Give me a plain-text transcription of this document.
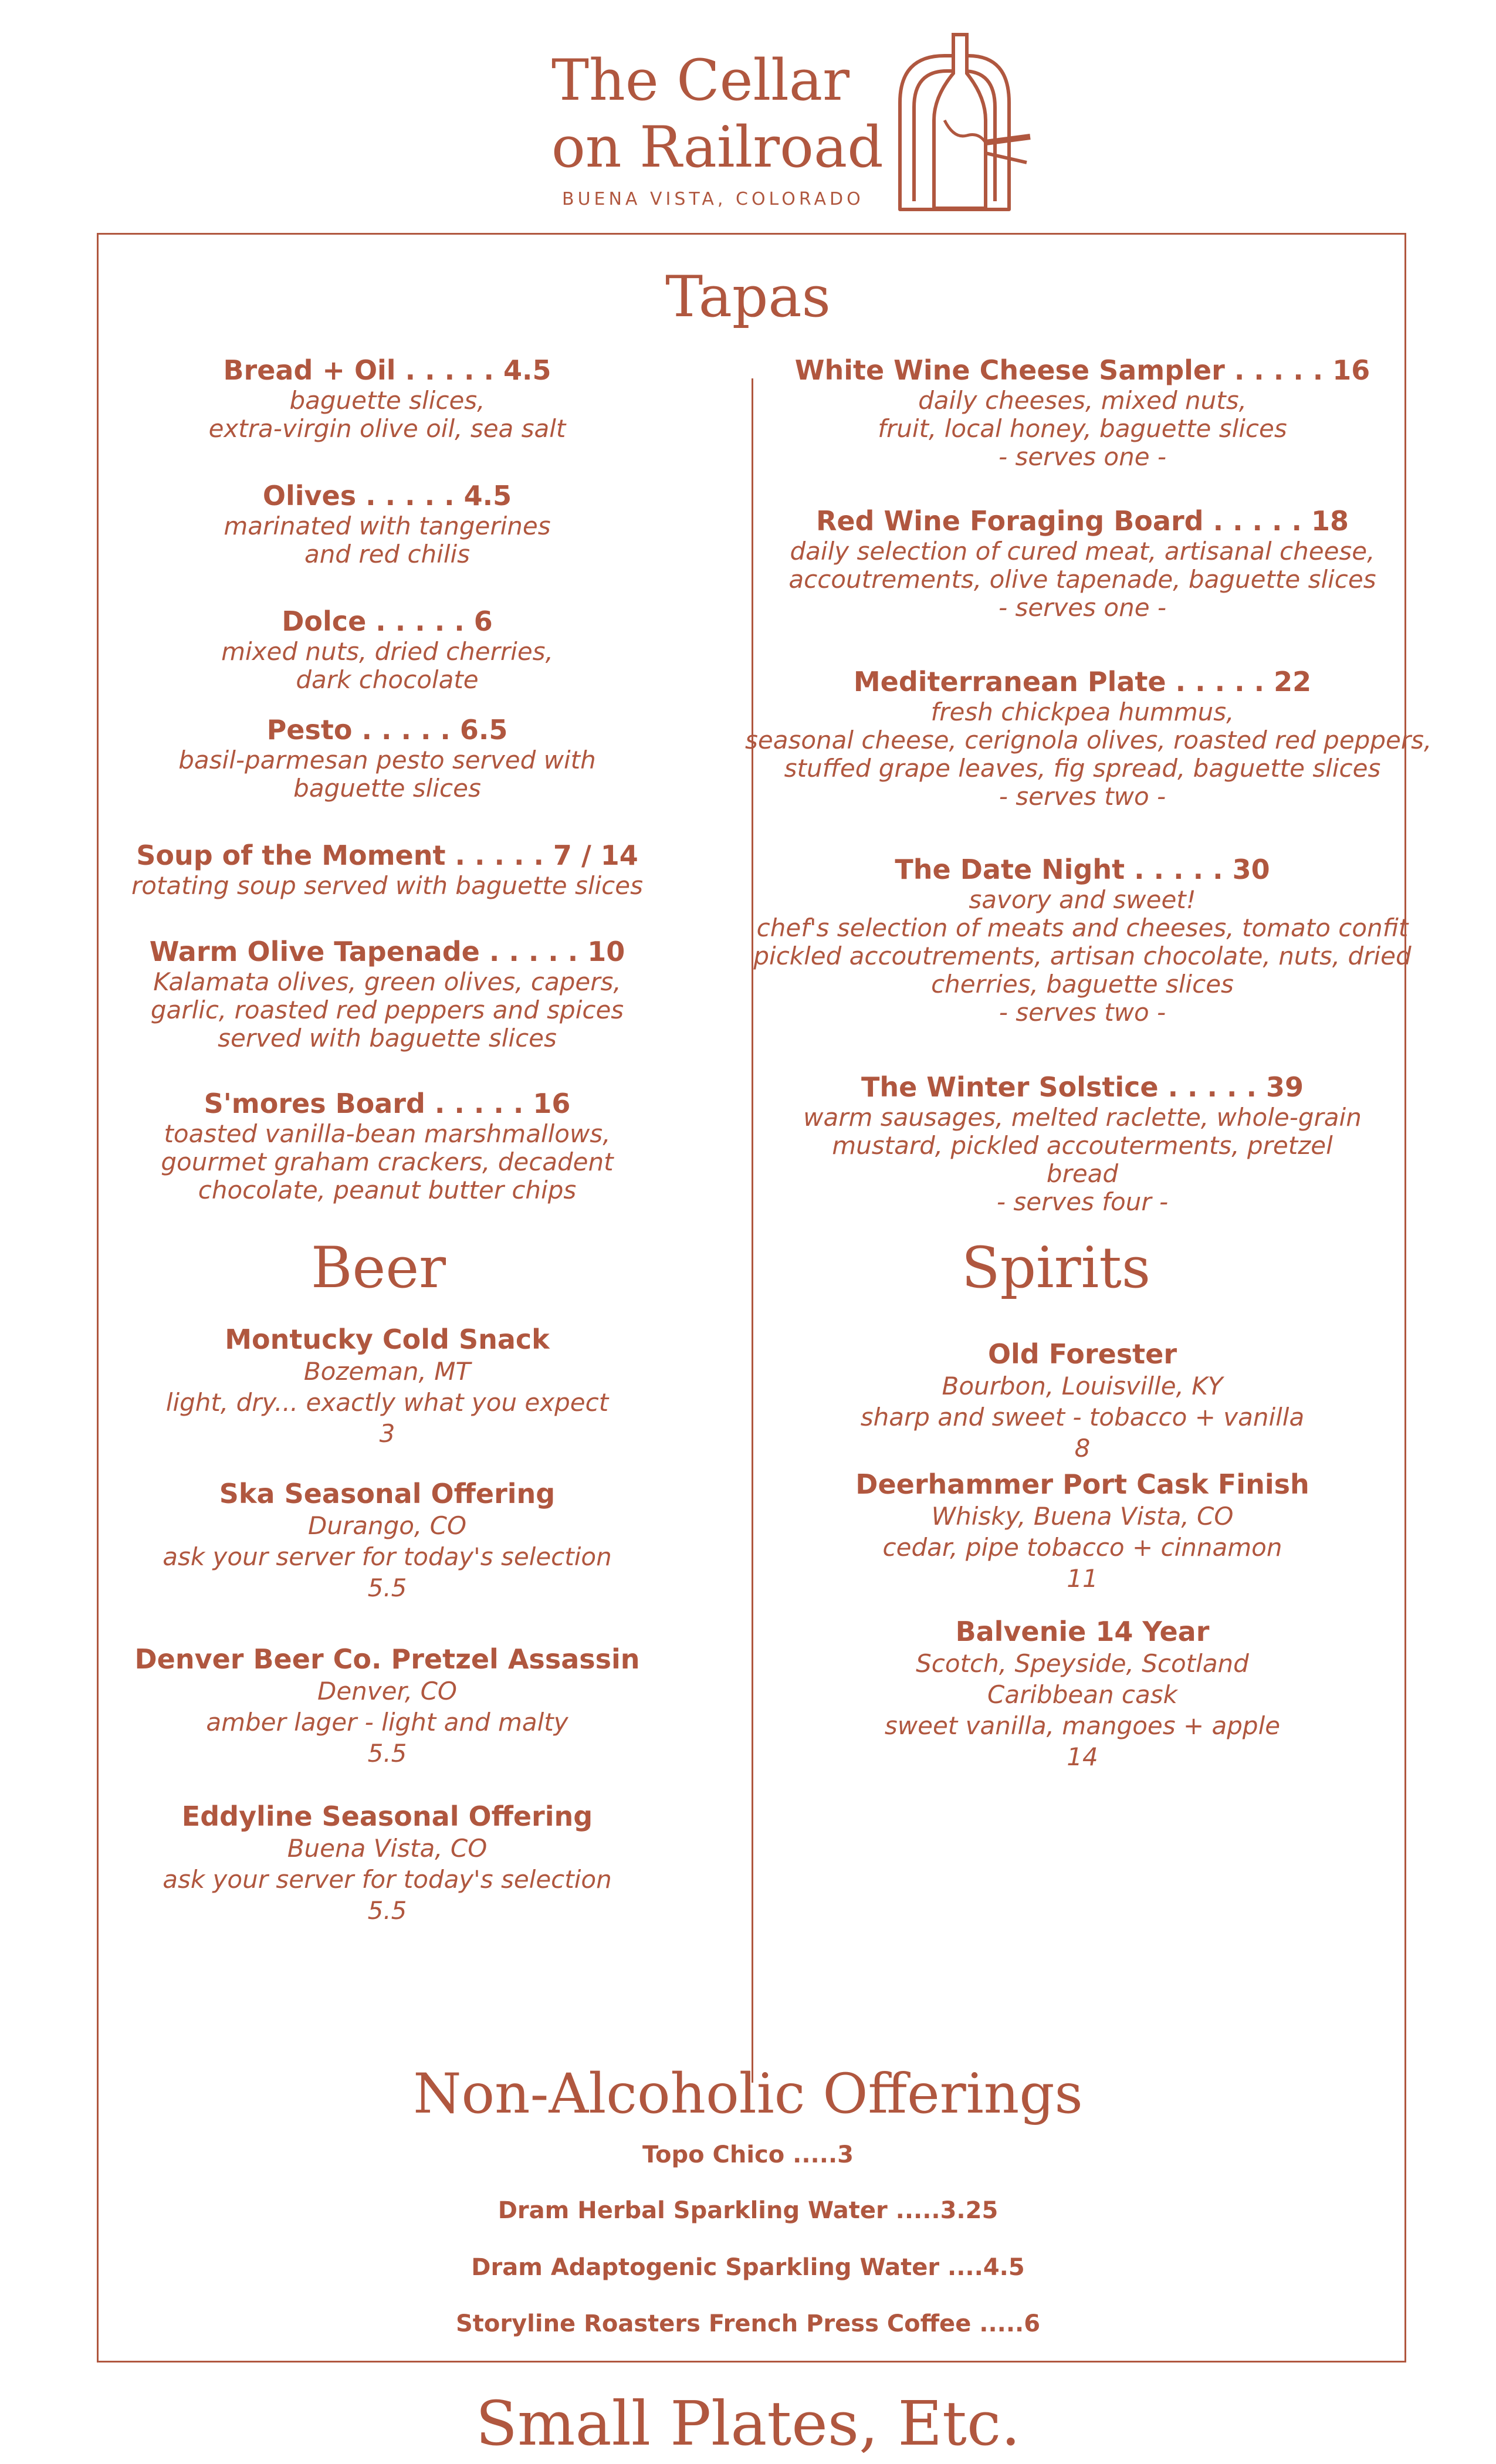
The Cellar
on Railroad
BUENA VISTA, COLORADO
Tapas
Beer	Spirits
Non-Alcoholic Offerings
Small Plates, Etc.
Bread + Oil . . . . . 4.5
baguette slices,
extra-virgin olive oil, sea salt
Olives . . . . . 4.5
marinated with tangerines
and red chilis
Dolce . . . . . 6
mixed nuts, dried cherries,
dark chocolate
Pesto . . . . . 6.5
basil-parmesan pesto served with
baguette slices
Soup of the Moment . . . . . 7 / 14
rotating soup served with baguette slices
Warm Olive Tapenade . . . . . 10
Kalamata olives, green olives, capers,
garlic, roasted red peppers and spices
served with baguette slices
S'mores Board . . . . . 16
toasted vanilla-bean marshmallows,
gourmet graham crackers, decadent
chocolate, peanut butter chips
White Wine Cheese Sampler . . . . . 16
daily cheeses, mixed nuts,
fruit, local honey, baguette slices
- serves one -
Red Wine Foraging Board . . . . . 18
daily selection of cured meat, artisanal cheese,
accoutrements, olive tapenade, baguette slices
- serves one -
Mediterranean Plate . . . . . 22
fresh chickpea hummus,
seasonal cheese, cerignola olives, roasted red peppers,
stuffed grape leaves, fig spread, baguette slices
- serves two -
The Date Night . . . . . 30
savory and sweet!
chef's selection of meats and cheeses, tomato confit
pickled accoutrements, artisan chocolate, nuts, dried
cherries, baguette slices
- serves two -
The Winter Solstice . . . . . 39
warm sausages, melted raclette, whole-grain
mustard, pickled accouterments, pretzel
bread
- serves four -
Montucky Cold Snack
Bozeman, MT
light, dry... exactly what you expect
3
Ska Seasonal Offering
Durango, CO
ask your server for today's selection
5.5
Denver Beer Co. Pretzel Assassin
Denver, CO
amber lager - light and malty
5.5
Eddyline Seasonal Offering
Buena Vista, CO
ask your server for today's selection
5.5
Old Forester
Bourbon, Louisville, KY
sharp and sweet - tobacco + vanilla
8
Deerhammer Port Cask Finish
Whisky, Buena Vista, CO
cedar, pipe tobacco + cinnamon
11
Balvenie 14 Year
Scotch, Speyside, Scotland
Caribbean cask
sweet vanilla, mangoes + apple
14
Topo Chico .....3
Dram Herbal Sparkling Water .....3.25
Dram Adaptogenic Sparkling Water ....4.5
Storyline Roasters French Press Coffee .....6
